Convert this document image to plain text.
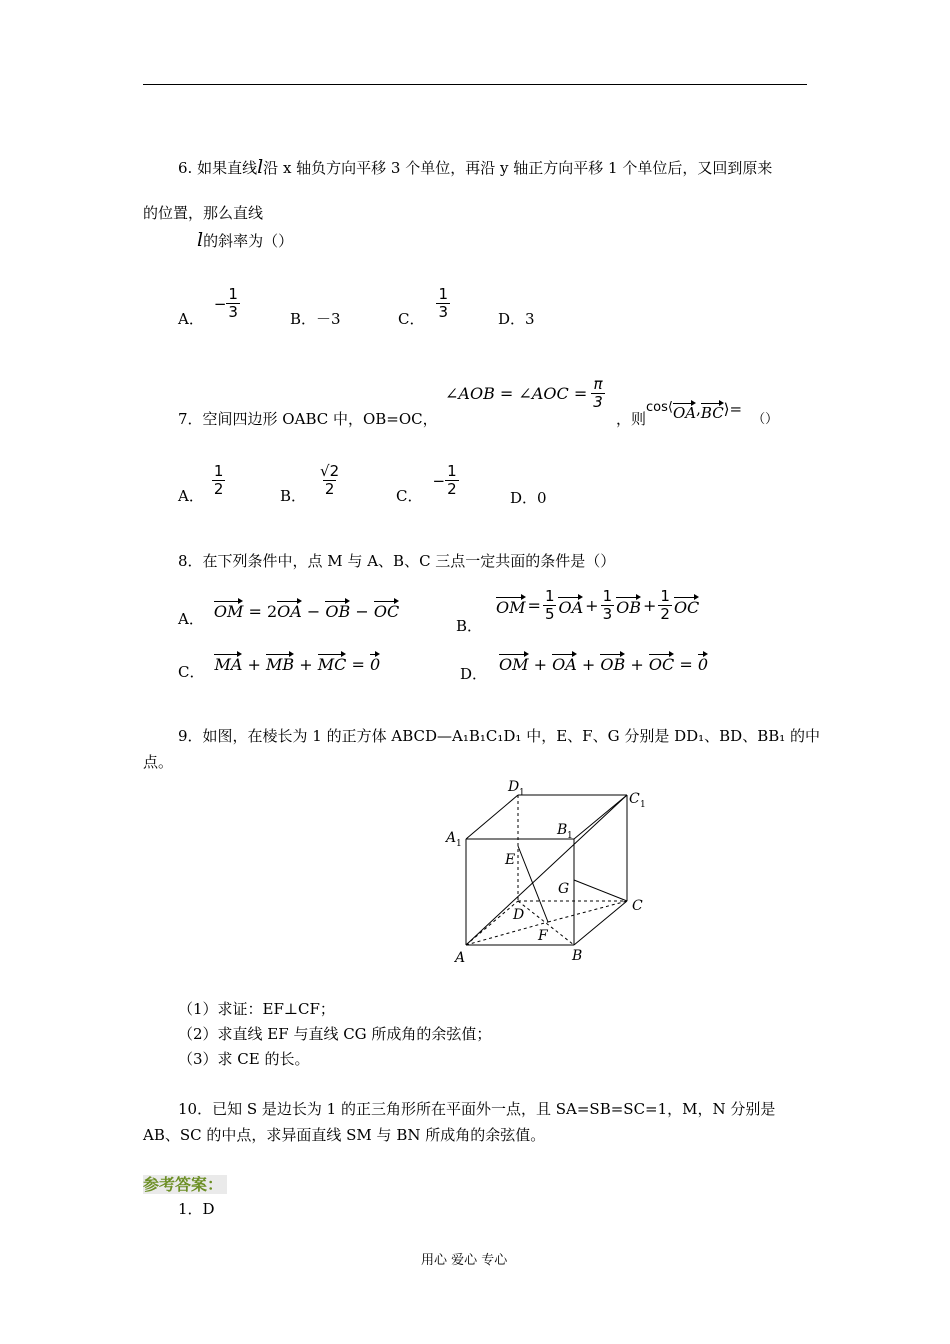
6. 如果直线l沿 x 轴负方向平移 3 个单位，再沿 y 轴正方向平移 1 个单位后，又回到原来
的位置，那么直线
l的斜率为（）
A．
− $\frac{1}{3}$	B．－3	C． $\frac{1}{3}$	D．3
7．空间四边形 OABC 中，OB=OC，
∠AOB = ∠AOC = $\frac{\pi}{3}$
，则
cos⟨ OA , BC ⟩=
（）
A． $\frac{1}{2}$	B． $\frac{√2}{2}$	C．
− $\frac{1}{2}$	D．0
8．在下列条件中，点 M 与 A、B、C 三点一定共面的条件是（）
A． OM = 2OA − OB − OC
B．
OM = $\frac{1}{5}$ OA + $\frac{1}{3}$ OB + $\frac{1}{2}$ OC
C． MA + MB + MC = 0	D． OM + OA + OB + OC = 0
9．如图，在棱长为 1 的正方体 ABCD—A₁B₁C₁D₁ 中，E、F、G 分别是 DD₁、BD、BB₁ 的中
点。
D 1	C 1
A 1
B 1
E
G
C
D
F
A	B
（1）求证：EF⊥CF；
（2）求直线 EF 与直线 CG 所成角的余弦值；
（3）求 CE 的长。
10．已知 S 是边长为 1 的正三角形所在平面外一点，且 SA=SB=SC=1，M，N 分别是
AB、SC 的中点，求异面直线 SM 与 BN 所成角的余弦值。
参考答案：
1．D
用心 爱心 专心
